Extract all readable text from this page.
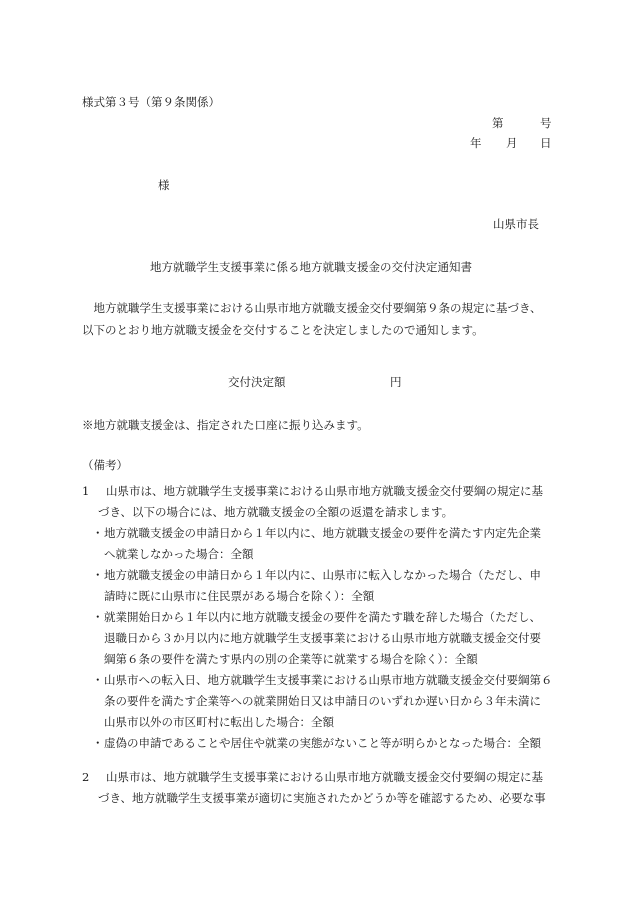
様式第３号（第９条関係）
第	号
年 月 日
様
山県市長
地方就職学生支援事業に係る地方就職支援金の交付決定通知書

地方就職学生支援事業における山県市地方就職支援金交付要綱第９条の規定に基づき、

以下のとおり地方就職支援金を交付することを決定しましたので通知します。

交付決定額	円
※地方就職支援金は、指定された口座に振り込みます。
（備考）
1 山県市は、地方就職学生支援事業における山県市地方就職支援金交付要綱の規定に基
づき、以下の場合には、地方就職支援金の全額の返還を請求します。
・ 地方就職支援金の申請日から１年以内に、地方就職支援金の要件を満たす内定先企業
へ就業しなかった場合：全額
・ 地方就職支援金の申請日から１年以内に、山県市に転入しなかった場合（ただし、申
請時に既に山県市に住民票がある場合を除く）：全額
・ 就業開始日から１年以内に地方就職支援金の要件を満たす職を辞した場合（ただし、
退職日から３か月以内に地方就職学生支援事業における山県市地方就職支援金交付要
綱第６条の要件を満たす県内の別の企業等に就業する場合を除く）：全額
・ 山県市への転入日、地方就職学生支援事業における山県市地方就職支援金交付要綱第６
条の要件を満たす企業等への就業開始日又は申請日のいずれか遅い日から３年未満に
山県市以外の市区町村に転出した場合：全額
・ 虚偽の申請であることや居住や就業の実態がないこと等が明らかとなった場合：全額
2 山県市は、地方就職学生支援事業における山県市地方就職支援金交付要綱の規定に基
づき、地方就職学生支援事業が適切に実施されたかどうか等を確認するため、必要な事
